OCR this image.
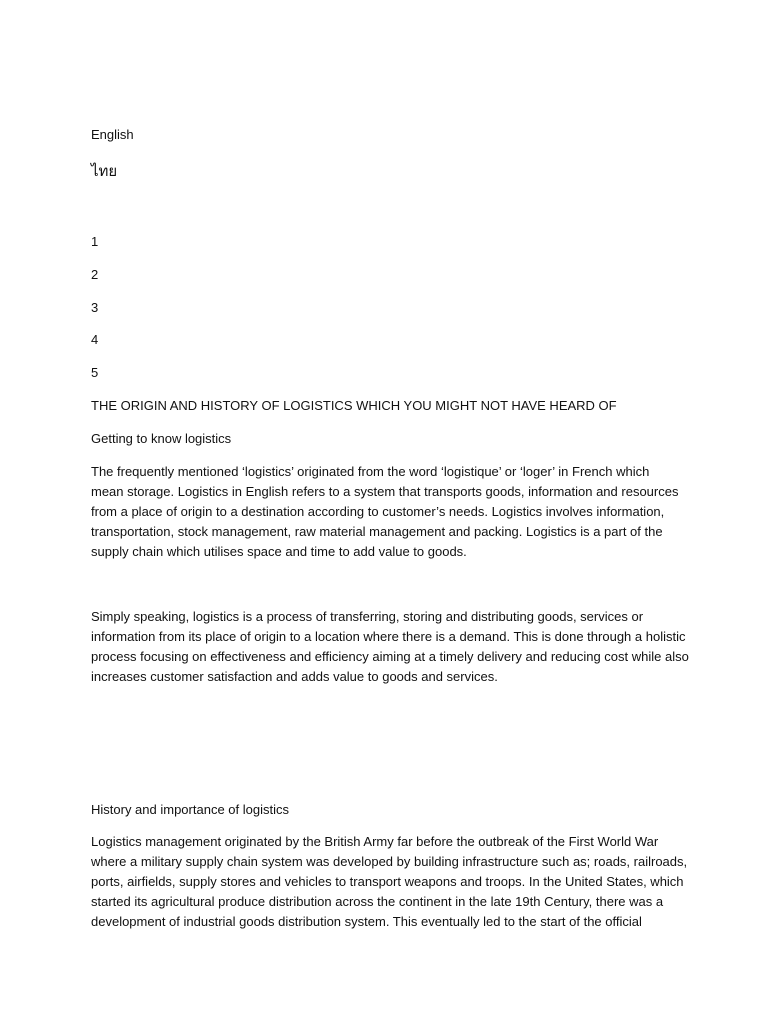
English

ไทย

1

2

3

4

5

THE ORIGIN AND HISTORY OF LOGISTICS WHICH YOU MIGHT NOT HAVE HEARD OF

Getting to know logistics

The frequently mentioned ‘logistics’ originated from the word ‘logistique’ or ‘loger’ in French which
mean storage. Logistics in English refers to a system that transports goods, information and resources
from a place of origin to a destination according to customer’s needs. Logistics involves information,
transportation, stock management, raw material management and packing. Logistics is a part of the
supply chain which utilises space and time to add value to goods.
Simply speaking, logistics is a process of transferring, storing and distributing goods, services or
information from its place of origin to a location where there is a demand. This is done through a holistic
process focusing on effectiveness and efficiency aiming at a timely delivery and reducing cost while also
increases customer satisfaction and adds value to goods and services.

History and importance of logistics

Logistics management originated by the British Army far before the outbreak of the First World War
where a military supply chain system was developed by building infrastructure such as; roads, railroads,
ports, airfields, supply stores and vehicles to transport weapons and troops. In the United States, which
started its agricultural produce distribution across the continent in the late 19th Century, there was a
development of industrial goods distribution system. This eventually led to the start of the official
